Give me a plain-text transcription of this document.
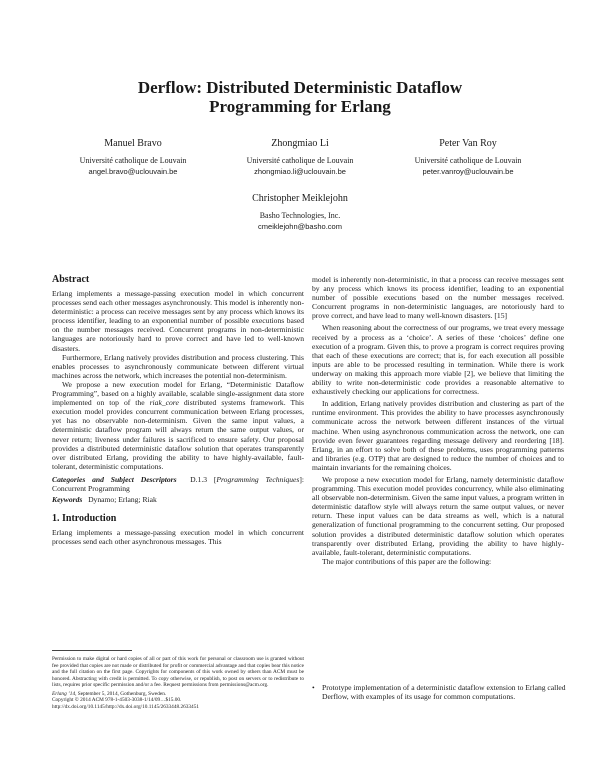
Derflow: Distributed Deterministic Dataflow
Programming for Erlang
Manuel Bravo
Université catholique de Louvain
angel.bravo@uclouvain.be
Zhongmiao Li
Université catholique de Louvain
zhongmiao.li@uclouvain.be
Peter Van Roy
Université catholique de Louvain
peter.vanroy@uclouvain.be
Christopher Meiklejohn
Basho Technologies, Inc.
cmeiklejohn@basho.com
Abstract

Erlang implements a message-passing execution model in which concurrent processes send each other messages asynchronously. This model is inherently non-deterministic: a process can receive messages sent by any process which knows its process identifier, leading to an exponential number of possible executions based on the number messages received. Concurrent programs in non-deterministic languages are notoriously hard to prove correct and have led to well-known disasters.

Furthermore, Erlang natively provides distribution and process clustering. This enables processes to asynchronously communicate between different virtual machines across the network, which increases the potential non-determinism.

We propose a new execution model for Erlang, “Deterministic Dataflow Programming”, based on a highly available, scalable single-assignment data store implemented on top of the riak_core distributed systems framework. This execution model provides concurrent communication between Erlang processes, yet has no observable non-determinism. Given the same input values, a deterministic dataflow program will always return the same output values, or never return; liveness under failures is sacrificed to ensure safety. Our proposal provides a distributed deterministic dataflow solution that operates transparently over distributed Erlang, providing the ability to have highly-available, fault-tolerant, deterministic computations.

Categories and Subject Descriptors D.1.3 [Programming Techniques]: Concurrent Programming

Keywords Dynamo; Erlang; Riak

1. Introduction

Erlang implements a message-passing execution model in which concurrent processes send each other asynchronous messages. This

Permission to make digital or hard copies of all or part of this work for personal or classroom use is granted without fee provided that copies are not made or distributed for profit or commercial advantage and that copies bear this notice and the full citation on the first page. Copyrights for components of this work owned by others than ACM must be honored. Abstracting with credit is permitted. To copy otherwise, or republish, to post on servers or to redistribute to lists, requires prior specific permission and/or a fee. Request permissions from permissions@acm.org.
Erlang ’14, September 5, 2014, Gothenburg, Sweden.
Copyright © 2014 ACM 978-1-4503-3038-1/14/09…$15.00.
http://dx.doi.org/10.1145/http://dx.doi.org/10.1145/2633448.2633451

model is inherently non-deterministic, in that a process can receive messages sent by any process which knows its process identifier, leading to an exponential number of possible executions based on the number messages received. Concurrent programs in non-deterministic languages, are notoriously hard to prove correct, and have lead to many well-known disasters. [15]

When reasoning about the correctness of our programs, we treat every message received by a process as a ‘choice’. A series of these ‘choices’ define one execution of a program. Given this, to prove a program is correct requires proving that each of these executions are correct; that is, for each execution all possible inputs are able to be processed resulting in termination. While there is work underway on making this approach more viable [2], we believe that limiting the ability to write non-deterministic code provides a reasonable alternative to exhaustively checking our applications for correctness.

In addition, Erlang natively provides distribution and clustering as part of the runtime environment. This provides the ability to have processes asynchronously communicate across the network between different instances of the virtual machine. When using asynchronous communication across the network, one can provide even fewer guarantees regarding message delivery and reordering [18]. Erlang, in an effort to solve both of these problems, uses programming patterns and libraries (e.g. OTP) that are designed to reduce the number of choices and to maintain invariants for the remaining choices.

We propose a new execution model for Erlang, namely deterministic dataflow programming. This execution model provides concurrency, while also eliminating all observable non-determinism. Given the same input values, a program written in deterministic dataflow style will always return the same output values, or never return. These input values can be data streams as well, which is a natural generalization of functional programming to the concurrent setting. Our proposed solution provides a distributed deterministic dataflow solution which operates transparently over distributed Erlang, providing the ability to have highly-available, fault-tolerant, deterministic computations.

The major contributions of this paper are the following:

• Prototype implementation of a deterministic dataflow extension to Erlang called Derflow, with examples of its usage for common computations.
